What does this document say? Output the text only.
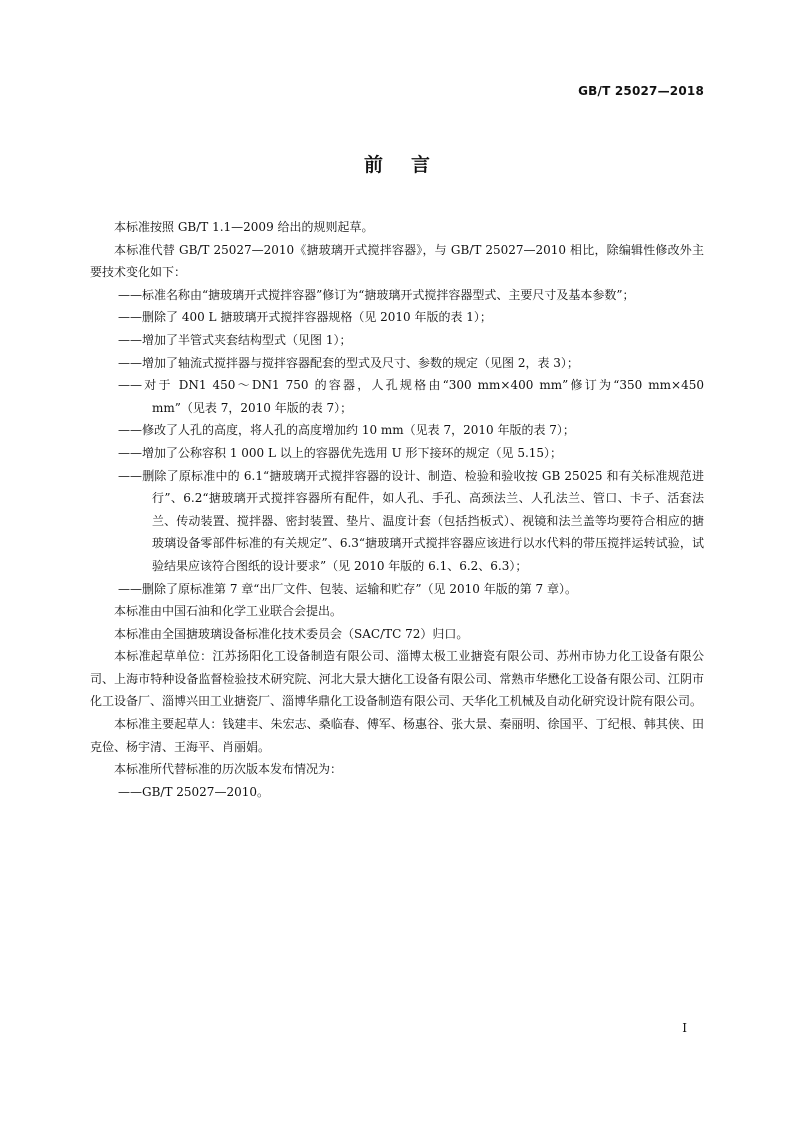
GB/T 25027—2018
前言

本标准按照 GB/T 1.1—2009 给出的规则起草。

本标准代替 GB/T 25027—2010《搪玻璃开式搅拌容器》，与 GB/T 25027—2010 相比，除编辑性修改外主要技术变化如下：

——标准名称由“搪玻璃开式搅拌容器”修订为“搪玻璃开式搅拌容器型式、主要尺寸及基本参数”；

——删除了 400 L 搪玻璃开式搅拌容器规格（见 2010 年版的表 1）；

——增加了半管式夹套结构型式（见图 1）；

——增加了轴流式搅拌器与搅拌容器配套的型式及尺寸、参数的规定（见图 2，表 3）；

——对于 DN1 450～DN1 750 的容器，人孔规格由“300 mm×400 mm”修订为“350 mm×450 mm”（见表 7，2010 年版的表 7）；

——修改了人孔的高度，将人孔的高度增加约 10 mm（见表 7，2010 年版的表 7）；

——增加了公称容积 1 000 L 以上的容器优先选用 U 形下接环的规定（见 5.15）；

——删除了原标准中的 6.1“搪玻璃开式搅拌容器的设计、制造、检验和验收按 GB 25025 和有关标准规范进行”、6.2“搪玻璃开式搅拌容器所有配件，如人孔、手孔、高颈法兰、人孔法兰、管口、卡子、活套法兰、传动装置、搅拌器、密封装置、垫片、温度计套（包括挡板式）、视镜和法兰盖等均要符合相应的搪玻璃设备零部件标准的有关规定”、6.3“搪玻璃开式搅拌容器应该进行以水代料的带压搅拌运转试验，试验结果应该符合图纸的设计要求”（见 2010 年版的 6.1、6.2、6.3）；

——删除了原标准第 7 章“出厂文件、包装、运输和贮存”（见 2010 年版的第 7 章）。

本标准由中国石油和化学工业联合会提出。

本标准由全国搪玻璃设备标准化技术委员会（SAC/TC 72）归口。

本标准起草单位：江苏扬阳化工设备制造有限公司、淄博太极工业搪瓷有限公司、苏州市协力化工设备有限公司、上海市特种设备监督检验技术研究院、河北大景大搪化工设备有限公司、常熟市华懋化工设备有限公司、江阴市化工设备厂、淄博兴田工业搪瓷厂、淄博华鼎化工设备制造有限公司、天华化工机械及自动化研究设计院有限公司。

本标准主要起草人：钱建丰、朱宏志、桑临春、傅军、杨惠谷、张大景、秦丽明、徐国平、丁纪根、韩其侠、田克俭、杨宇清、王海平、肖丽娟。

本标准所代替标准的历次版本发布情况为：

——GB/T 25027—2010。

I
